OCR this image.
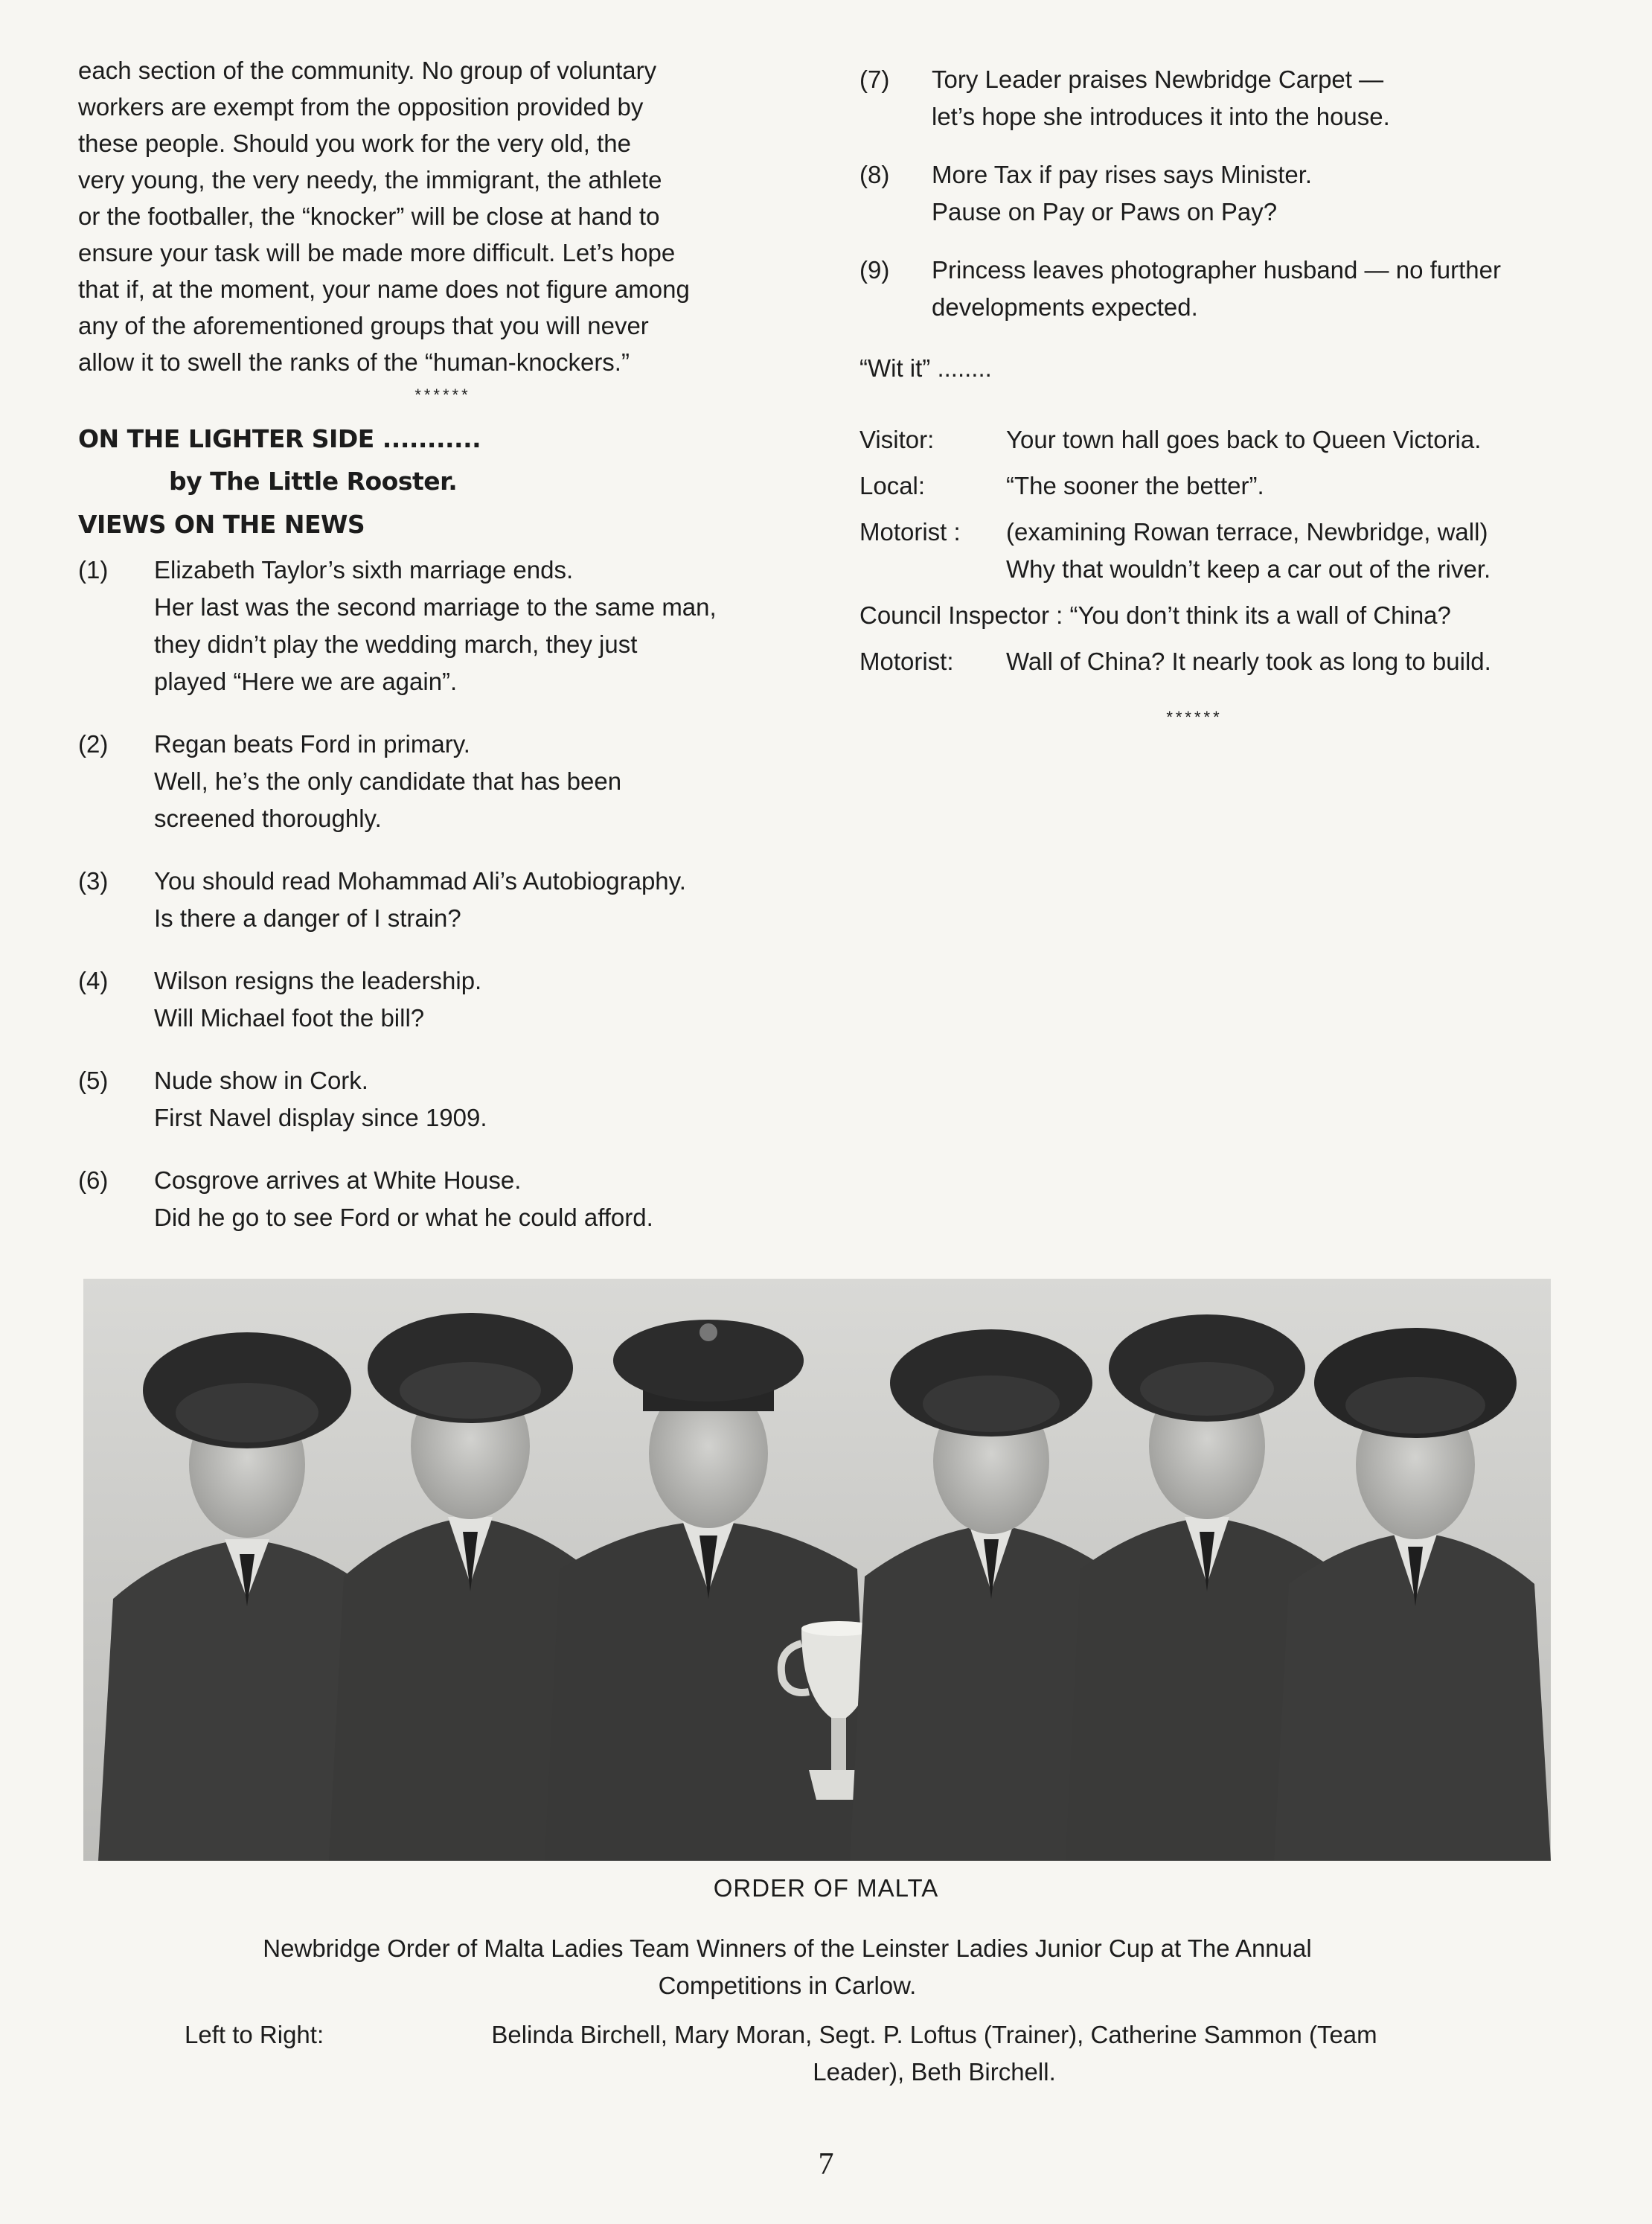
each section of the community. No group of voluntary
workers are exempt from the opposition provided by
these people. Should you work for the very old, the
very young, the very needy, the immigrant, the athlete
or the footballer, the “knocker” will be close at hand to
ensure your task will be made more difficult. Let’s hope
that if, at the moment, your name does not figure among
any of the aforementioned groups that you will never
allow it to swell the ranks of the “human-knockers.”
******
ON THE LIGHTER SIDE ...........
by The Little Rooster.
VIEWS ON THE NEWS
(1)	Elizabeth Taylor’s sixth marriage ends.
Her last was the second marriage to the same man,
they didn’t play the wedding march, they just
played “Here we are again”.
(2)	Regan beats Ford in primary.
Well, he’s the only candidate that has been
screened thoroughly.
(3)	You should read Mohammad Ali’s Autobiography.
Is there a danger of I strain?
(4)	Wilson resigns the leadership.
Will Michael foot the bill?
(5)	Nude show in Cork.
First Navel display since 1909.
(6)	Cosgrove arrives at White House.
Did he go to see Ford or what he could afford.
(7)	Tory Leader praises Newbridge Carpet —
let’s hope she introduces it into the house.
(8)	More Tax if pay rises says Minister.
Pause on Pay or Paws on Pay?
(9)	Princess leaves photographer husband — no further
developments expected.
“Wit it” ........
Visitor:	Your town hall goes back to Queen Victoria.
Local:	“The sooner the better”.
Motorist :	(examining Rowan terrace, Newbridge, wall)
Why that wouldn’t keep a car out of the river.
Council Inspector : “You don’t think its a wall of China?
Motorist:	Wall of China? It nearly took as long to build.
******
ORDER OF MALTA
Newbridge Order of Malta Ladies Team Winners of the Leinster Ladies Junior Cup at The Annual
Competitions in Carlow.
Left to Right:	Belinda Birchell, Mary Moran, Segt. P. Loftus (Trainer), Catherine Sammon (Team
Leader), Beth Birchell.
7
